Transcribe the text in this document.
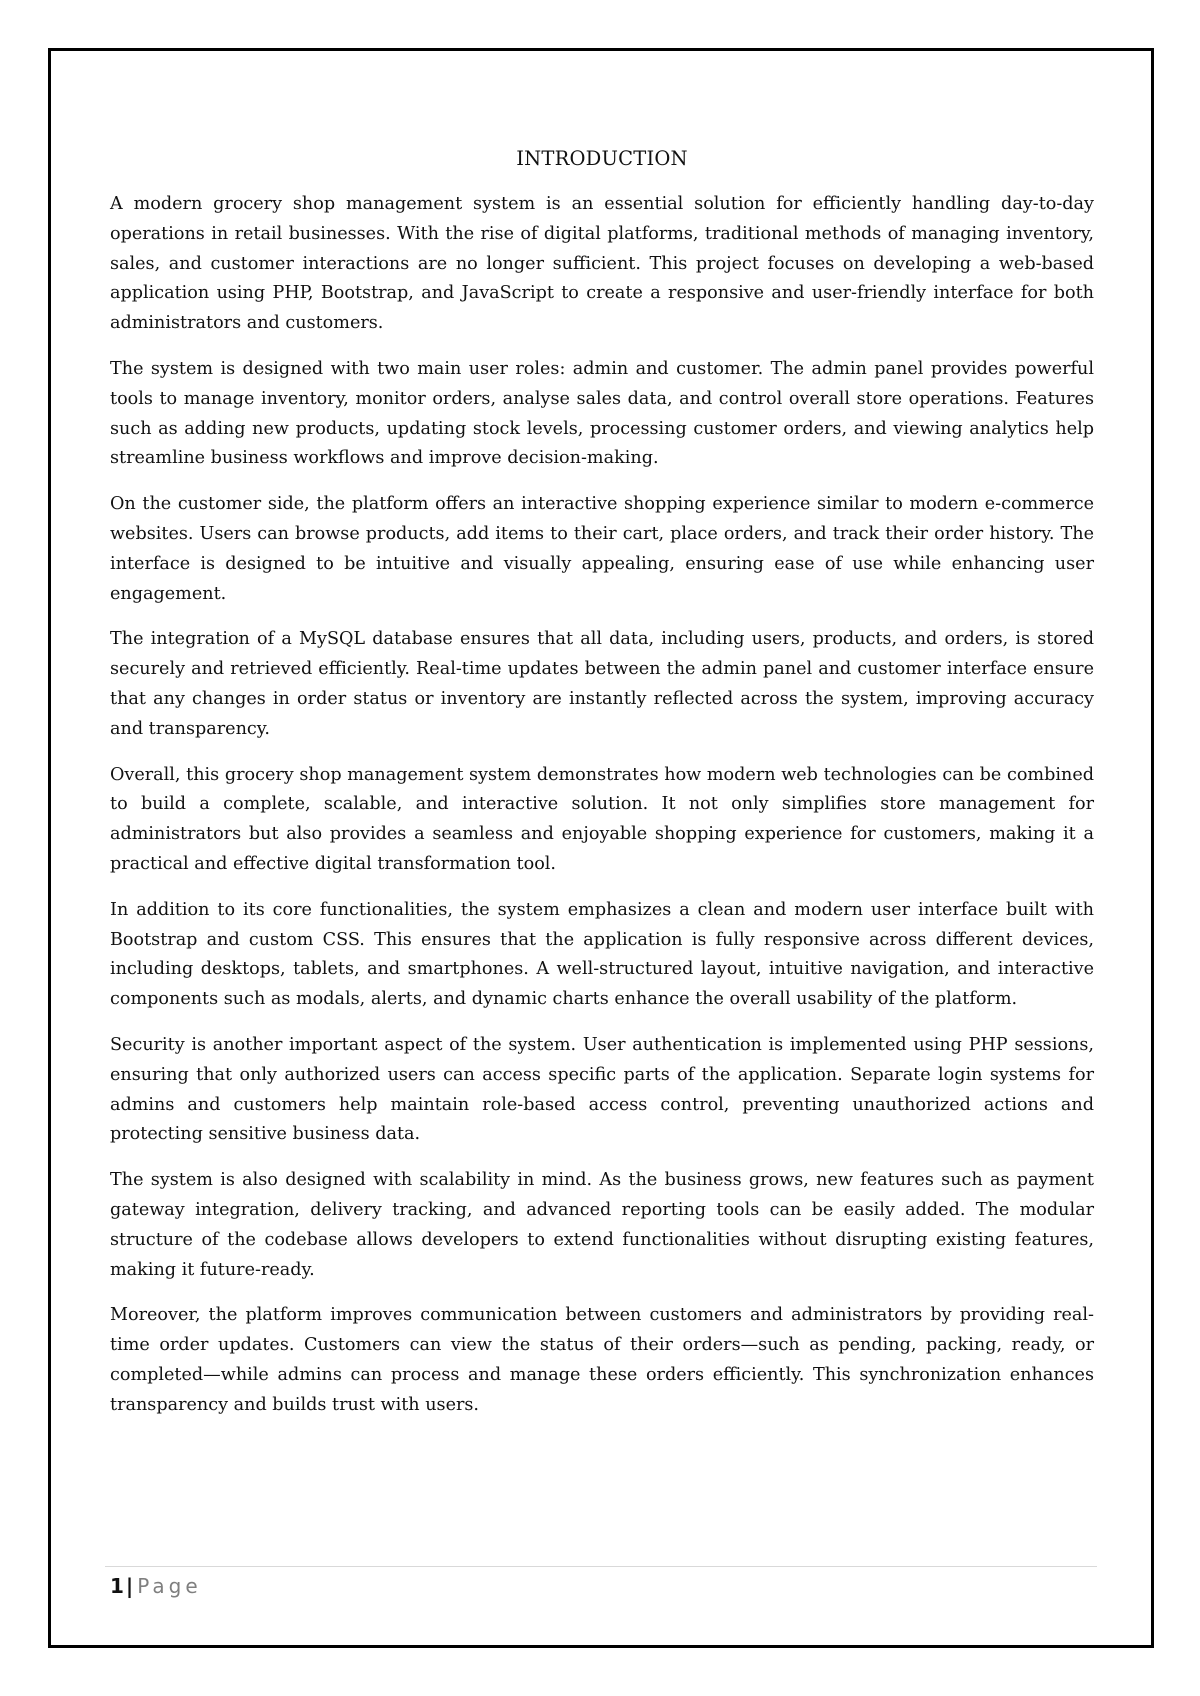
INTRODUCTION

A modern grocery shop management system is an essential solution for efficiently handling day-to-day operations in retail businesses. With the rise of digital platforms, traditional methods of managing inventory, sales, and customer interactions are no longer sufficient. This project focuses on developing a web-based application using PHP, Bootstrap, and JavaScript to create a responsive and user-friendly interface for both administrators and customers.

The system is designed with two main user roles: admin and customer. The admin panel provides powerful tools to manage inventory, monitor orders, analyse sales data, and control overall store operations. Features such as adding new products, updating stock levels, processing customer orders, and viewing analytics help streamline business workflows and improve decision-making.

On the customer side, the platform offers an interactive shopping experience similar to modern e-commerce websites. Users can browse products, add items to their cart, place orders, and track their order history. The interface is designed to be intuitive and visually appealing, ensuring ease of use while enhancing user engagement.

The integration of a MySQL database ensures that all data, including users, products, and orders, is stored securely and retrieved efficiently. Real-time updates between the admin panel and customer interface ensure that any changes in order status or inventory are instantly reflected across the system, improving accuracy and transparency.

Overall, this grocery shop management system demonstrates how modern web technologies can be combined to build a complete, scalable, and interactive solution. It not only simplifies store management for administrators but also provides a seamless and enjoyable shopping experience for customers, making it a practical and effective digital transformation tool.

In addition to its core functionalities, the system emphasizes a clean and modern user interface built with Bootstrap and custom CSS. This ensures that the application is fully responsive across different devices, including desktops, tablets, and smartphones. A well-structured layout, intuitive navigation, and interactive components such as modals, alerts, and dynamic charts enhance the overall usability of the platform.

Security is another important aspect of the system. User authentication is implemented using PHP sessions, ensuring that only authorized users can access specific parts of the application. Separate login systems for admins and customers help maintain role-based access control, preventing unauthorized actions and protecting sensitive business data.

The system is also designed with scalability in mind. As the business grows, new features such as payment gateway integration, delivery tracking, and advanced reporting tools can be easily added. The modular structure of the codebase allows developers to extend functionalities without disrupting existing features, making it future-ready.

Moreover, the platform improves communication between customers and administrators by providing real-time order updates. Customers can view the status of their orders—such as pending, packing, ready, or completed—while admins can process and manage these orders efficiently. This synchronization enhances transparency and builds trust with users.

1 | Page
